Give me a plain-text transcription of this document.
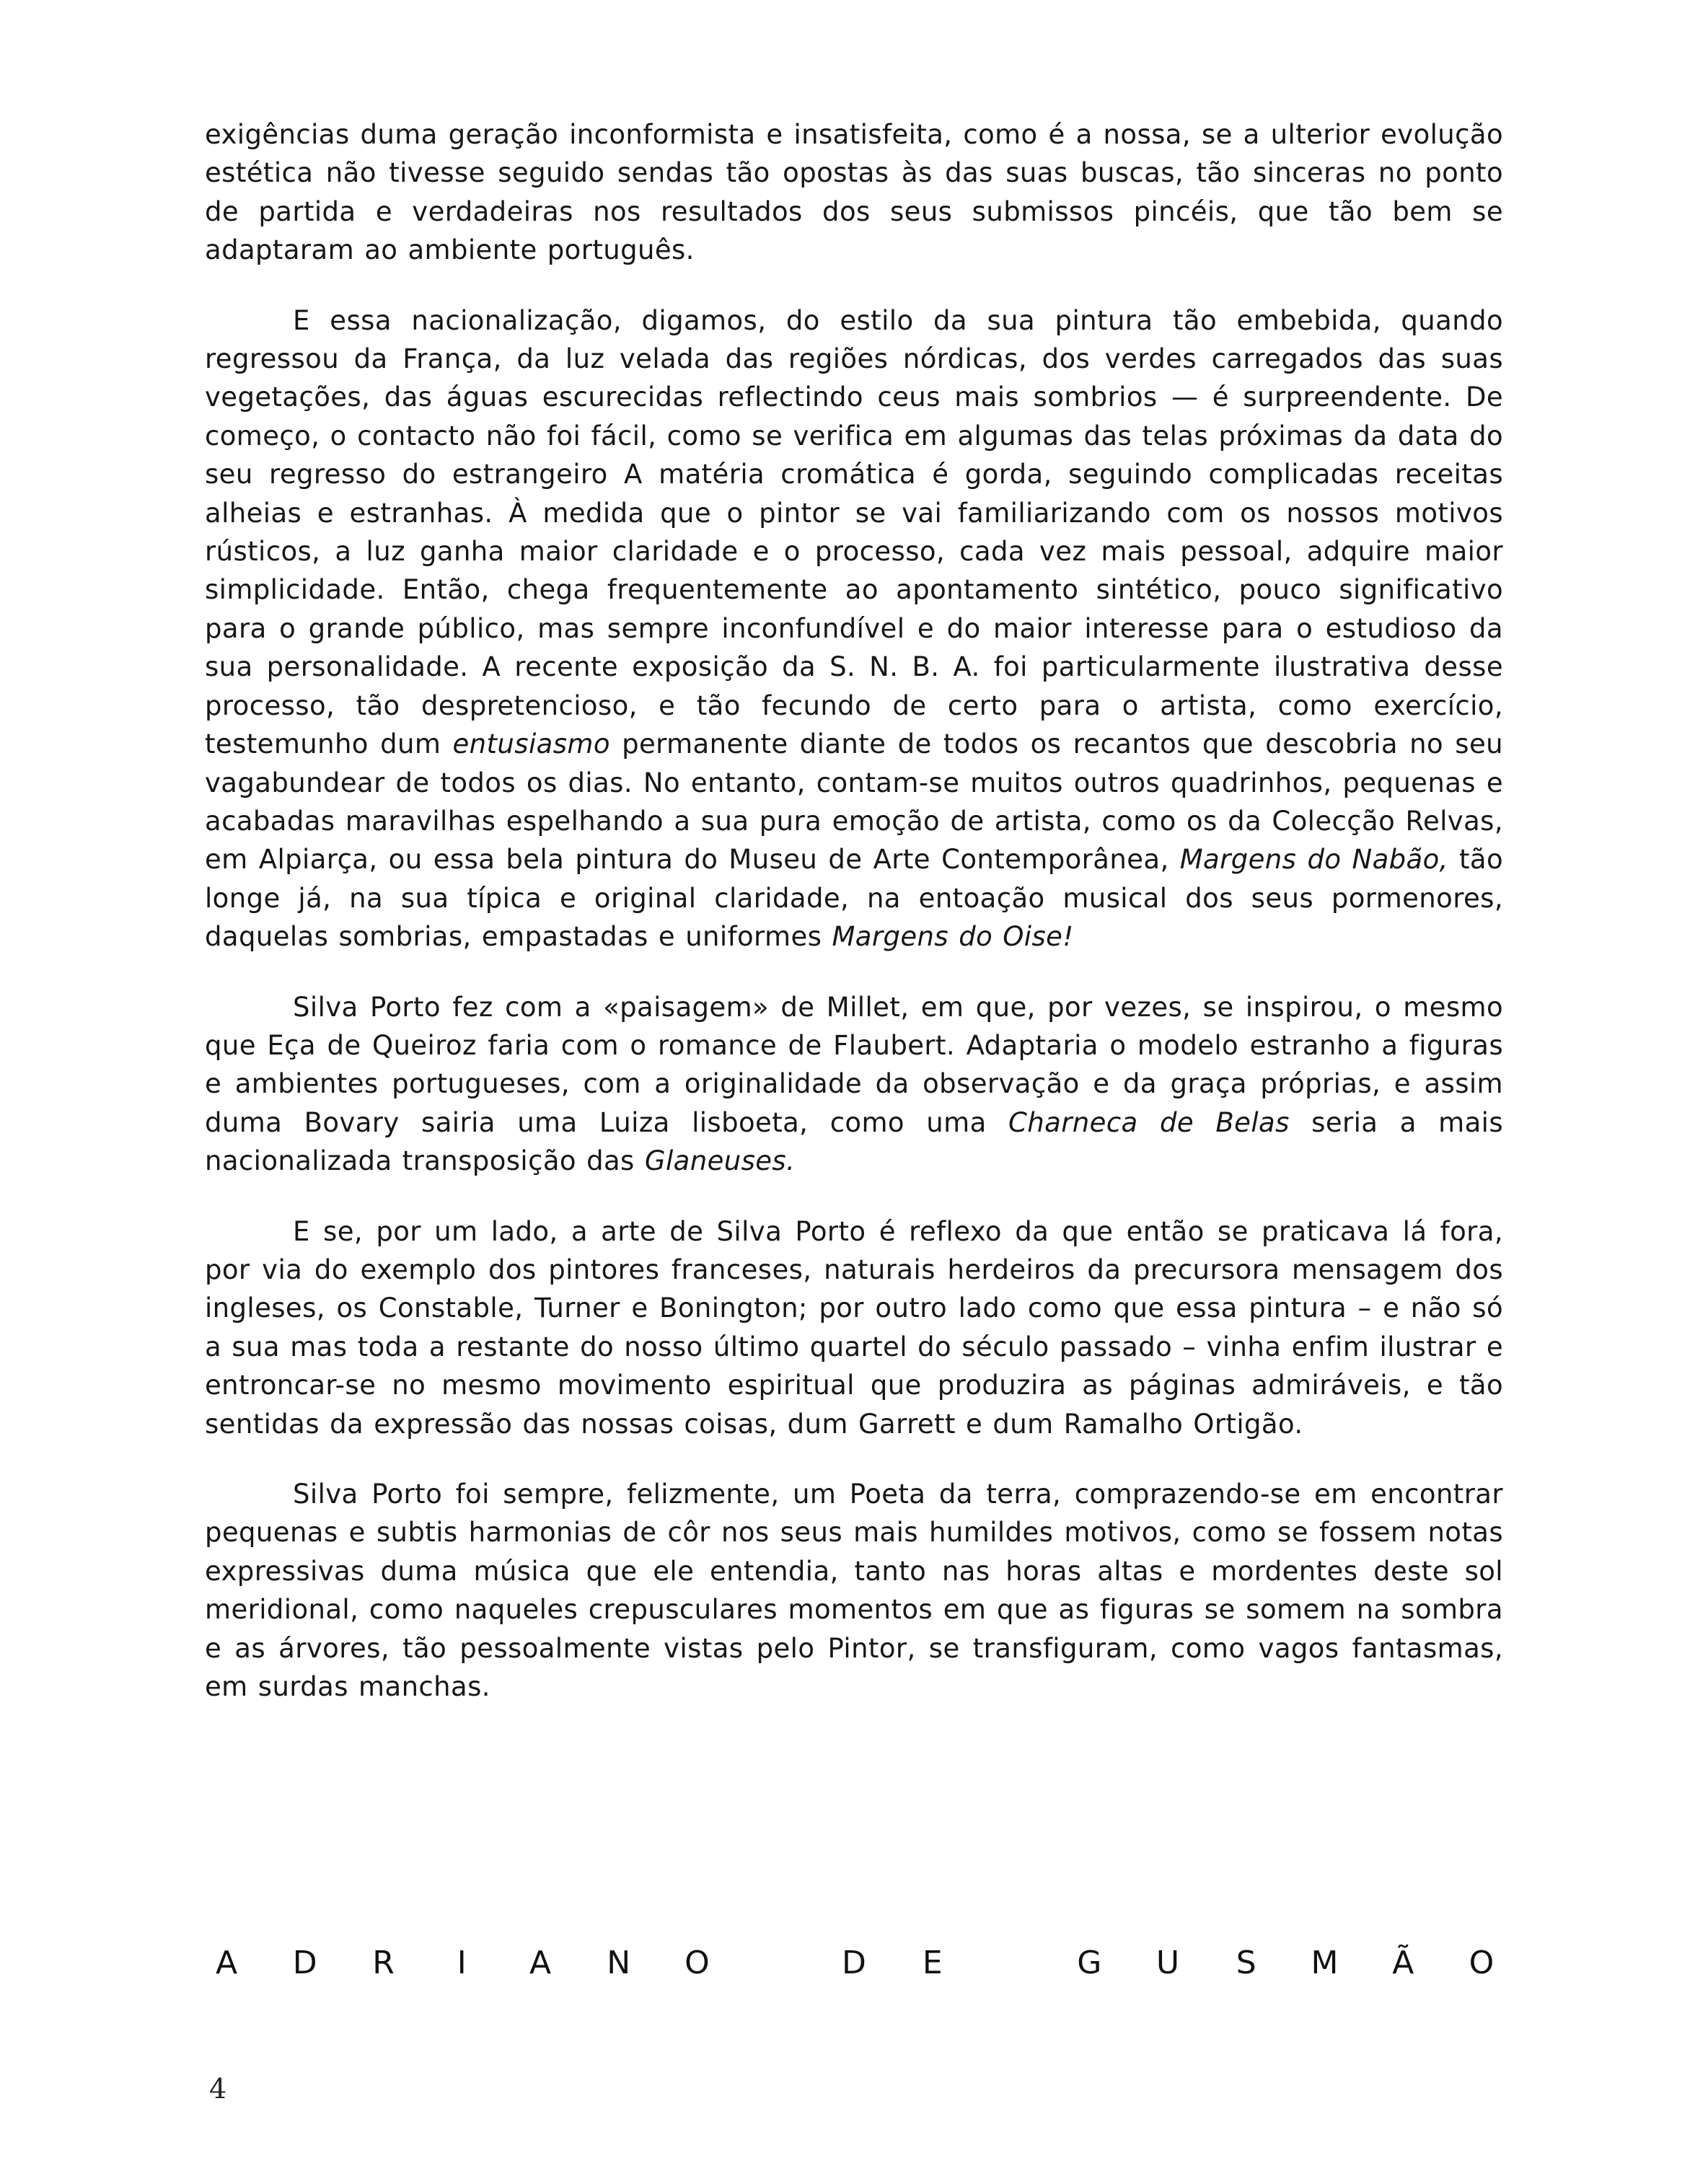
exigências duma geração inconformista e insatisfeita, como é a nossa, se a ulterior evolução estética não tivesse seguido sendas tão opostas às das suas buscas, tão sinceras no ponto de partida e verdadeiras nos resultados dos seus submissos pincéis, que tão bem se adaptaram ao ambiente português.

E essa nacionalização, digamos, do estilo da sua pintura tão embebida, quando regressou da França, da luz velada das regiões nórdicas, dos verdes carregados das suas vegetações, das águas escurecidas reflectindo ceus mais sombrios — é surpreendente. De começo, o contacto não foi fácil, como se verifica em algumas das telas próximas da data do seu regresso do estrangeiro A matéria cromática é gorda, seguindo complicadas receitas alheias e estranhas. À medida que o pintor se vai familiarizando com os nossos motivos rústicos, a luz ganha maior claridade e o processo, cada vez mais pessoal, adquire maior simplicidade. Então, chega frequentemente ao apontamento sintético, pouco significativo para o grande público, mas sempre inconfundível e do maior interesse para o estudioso da sua personalidade. A recente exposição da S. N. B. A. foi particularmente ilustrativa desse processo, tão despretencioso, e tão fecundo de certo para o artista, como exercício, testemunho dum entusiasmo permanente diante de todos os recantos que descobria no seu vagabundear de todos os dias. No entanto, contam-se muitos outros quadrinhos, pequenas e acabadas maravilhas espelhando a sua pura emoção de artista, como os da Colecção Relvas, em Alpiarça, ou essa bela pintura do Museu de Arte Contemporânea, Margens do Nabão, tão longe já, na sua típica e original claridade, na entoação musical dos seus pormenores, daquelas sombrias, empastadas e uniformes Margens do Oise!

Silva Porto fez com a «paisagem» de Millet, em que, por vezes, se inspirou, o mesmo que Eça de Queiroz faria com o romance de Flaubert. Adaptaria o modelo estranho a figuras e ambientes portugueses, com a originalidade da observação e da graça próprias, e assim duma Bovary sairia uma Luiza lisboeta, como uma Charneca de Belas seria a mais nacionalizada transposição das Glaneuses.

E se, por um lado, a arte de Silva Porto é reflexo da que então se praticava lá fora, por via do exemplo dos pintores franceses, naturais herdeiros da precursora mensagem dos ingleses, os Constable, Turner e Bonington; por outro lado como que essa pintura – e não só a sua mas toda a restante do nosso último quartel do século passado – vinha enfim ilustrar e entroncar-se no mesmo movimento espiritual que produzira as páginas admiráveis, e tão sentidas da expressão das nossas coisas, dum Garrett e dum Ramalho Ortigão.

Silva Porto foi sempre, felizmente, um Poeta da terra, comprazendo-se em encontrar pequenas e subtis harmonias de côr nos seus mais humildes motivos, como se fossem notas expressivas duma música que ele entendia, tanto nas horas altas e mordentes deste sol meridional, como naqueles crepusculares momentos em que as figuras se somem na sombra e as árvores, tão pessoalmente vistas pelo Pintor, se transfiguram, como vagos fantasmas, em surdas manchas.

A	D	R	I	A	N	O	D	E	G	U	S	M	Ã	O
4
